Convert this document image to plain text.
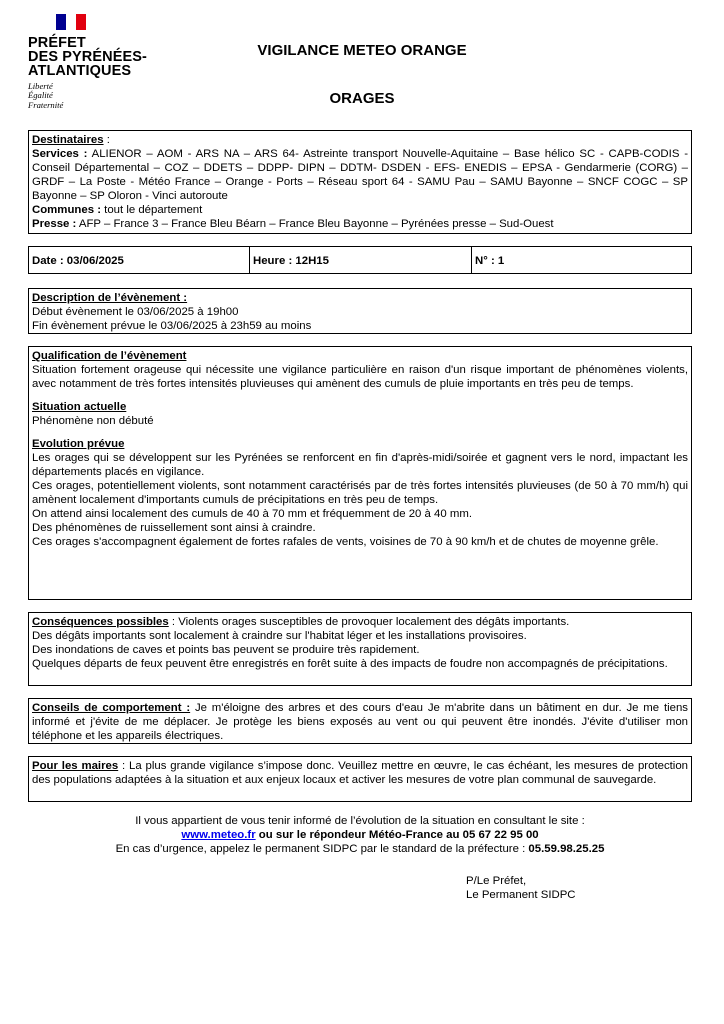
PRÉFET
DES PYRÉNÉES-
ATLANTIQUES
Liberté
Égalité
Fraternité
VIGILANCE METEO ORANGE
ORAGES

Destinataires :

Services : ALIENOR – AOM - ARS NA – ARS 64- Astreinte transport Nouvelle-Aquitaine – Base hélico SC - CAPB-CODIS - Conseil Départemental – COZ – DDETS – DDPP- DIPN – DDTM- DSDEN - EFS- ENEDIS – EPSA - Gendarmerie (CORG) – GRDF – La Poste - Météo France – Orange - Ports – Réseau sport 64 - SAMU Pau – SAMU Bayonne – SNCF COGC – SP Bayonne – SP Oloron - Vinci autoroute

Communes : tout le département

Presse : AFP – France 3 – France Bleu Béarn – France Bleu Bayonne – Pyrénées presse – Sud-Ouest

Date : 03/06/2025	Heure : 12H15	N° : 1

Description de l’évènement :

Début évènement le 03/06/2025 à 19h00

Fin évènement prévue le 03/06/2025 à 23h59 au moins

Qualification de l’évènement

Situation fortement orageuse qui nécessite une vigilance particulière en raison d'un risque important de phénomènes violents, avec notamment de très fortes intensités pluvieuses qui amènent des cumuls de pluie importants en très peu de temps.

Situation actuelle

Phénomène non débuté

Evolution prévue

Les orages qui se développent sur les Pyrénées se renforcent en fin d'après-midi/soirée et gagnent vers le nord, impactant les départements placés en vigilance.

Ces orages, potentiellement violents, sont notamment caractérisés par de très fortes intensités pluvieuses (de 50 à 70 mm/h) qui amènent localement d'importants cumuls de précipitations en très peu de temps.

On attend ainsi localement des cumuls de 40 à 70 mm et fréquemment de 20 à 40 mm.

Des phénomènes de ruissellement sont ainsi à craindre.

Ces orages s'accompagnent également de fortes rafales de vents, voisines de 70 à 90 km/h et de chutes de moyenne grêle.

Conséquences possibles : Violents orages susceptibles de provoquer localement des dégâts importants.

Des dégâts importants sont localement à craindre sur l'habitat léger et les installations provisoires.

Des inondations de caves et points bas peuvent se produire très rapidement.

Quelques départs de feux peuvent être enregistrés en forêt suite à des impacts de foudre non accompagnés de précipitations.

Conseils de comportement : Je m'éloigne des arbres et des cours d'eau Je m'abrite dans un bâtiment en dur. Je me tiens informé et j'évite de me déplacer. Je protège les biens exposés au vent ou qui peuvent être inondés. J'évite d'utiliser mon téléphone et les appareils électriques.

Pour les maires : La plus grande vigilance s’impose donc. Veuillez mettre en œuvre, le cas échéant, les mesures de protection des populations adaptées à la situation et aux enjeux locaux et activer les mesures de votre plan communal de sauvegarde.

Il vous appartient de vous tenir informé de l’évolution de la situation en consultant le site :

www.meteo.fr ou sur le répondeur Météo-France au 05 67 22 95 00

En cas d’urgence, appelez le permanent SIDPC par le standard de la préfecture : 05.59.98.25.25

P/Le Préfet,

Le Permanent SIDPC
